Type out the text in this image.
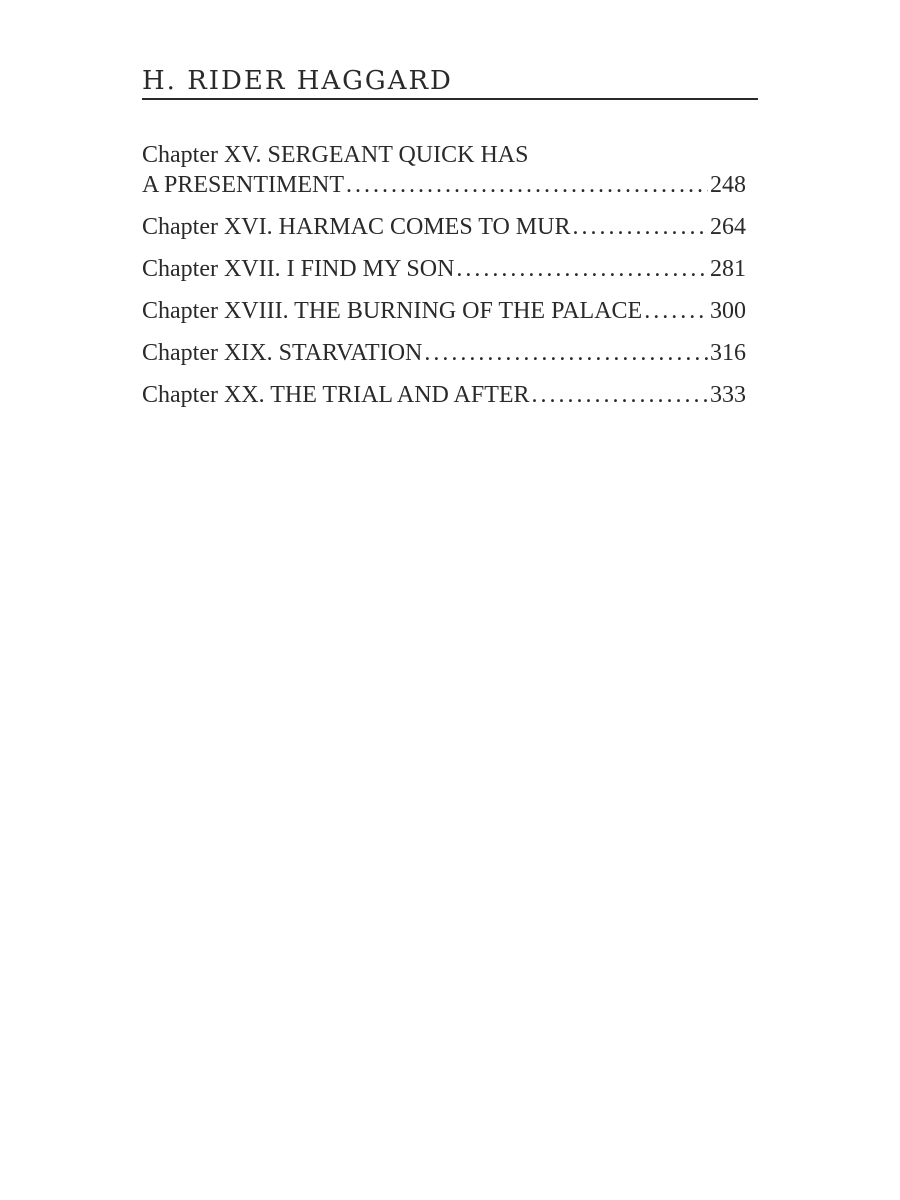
H. RIDER HAGGARD
Chapter XV. SERGEANT QUICK HAS
A PRESENTIMENT .....	248
Chapter XVI. HARMAC COMES TO MUR .....	264
Chapter XVII. I FIND MY SON .....	281
Chapter XVIII. THE BURNING OF THE PALACE .....	300
Chapter XIX. STARVATION .....	316
Chapter XX. THE TRIAL AND AFTER .....	333
